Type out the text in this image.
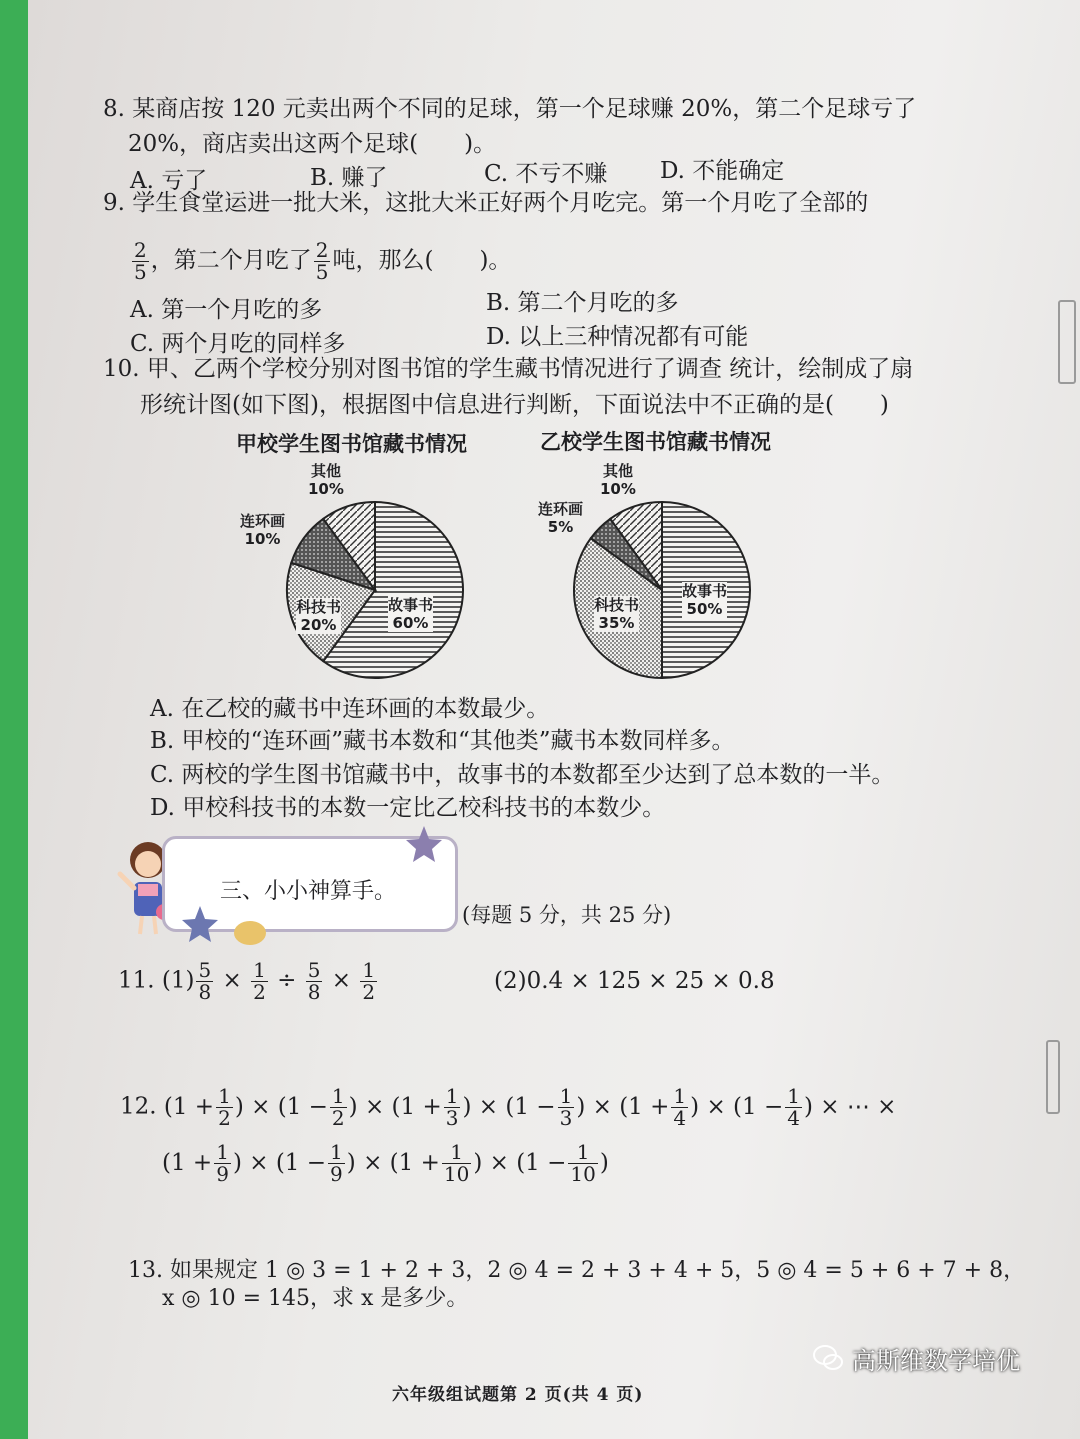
8. 某商店按 120 元卖出两个不同的足球，第一个足球赚 20%，第二个足球亏了
20%，商店卖出这两个足球(　　)。
A. 亏了	B. 赚了	C. 不亏不赚 D. 不能确定
9. 学生食堂运进一批大米，这批大米正好两个月吃完。第一个月吃了全部的
$\frac{2}{5}$ ，第二个月吃了 $\frac{2}{5}$ 吨，那么(　　)。
A. 第一个月吃的多	B. 第二个月吃的多
C. 两个月吃的同样多	D. 以上三种情况都有可能
10. 甲、乙两个学校分别对图书馆的学生藏书情况进行了调查 统计，绘制成了扇
形统计图(如下图)，根据图中信息进行判断，下面说法中不正确的是(　　)
甲校学生图书馆藏书情况	乙校学生图书馆藏书情况
其他
10%
连环画
10%
科技书
20%
故事书
60%
其他
10%
连环画
5%
科技书
35%
故事书
50%
A. 在乙校的藏书中连环画的本数最少。
B. 甲校的“连环画”藏书本数和“其他类”藏书本数同样多。
C. 两校的学生图书馆藏书中，故事书的本数都至少达到了总本数的一半。
D. 甲校科技书的本数一定比乙校科技书的本数少。
三、小小神算手。
(每题 5 分，共 25 分)
11. $(1) \frac{5}{8} \times \frac{1}{2} \div \frac{5}{8} \times \frac{1}{2}$	(2)0.4 × 125 × 25 × 0.8
12. ($1 + \frac{1}{2}$ ) × ($1 - \frac{1}{2}$ ) × ($1 + \frac{1}{3}$ ) × ($1 - \frac{1}{3}$ ) × ($1 + \frac{1}{4}$ ) × ($1 - \frac{1}{4}$ ) × ⋯ ×
($1 + \frac{1}{9}$ ) × ($1 - \frac{1}{9}$ ) × ($1 + \frac{1}{10}$ ) × ($1 - \frac{1}{10}$ )
13. 如果规定 1 ◎ 3 = 1 + 2 + 3，2 ◎ 4 = 2 + 3 + 4 + 5，5 ◎ 4 = 5 + 6 + 7 + 8，
x ◎ 10 = 145，求 x 是多少。
六年级组试题第 2 页(共 4 页)
高斯维数学培优
